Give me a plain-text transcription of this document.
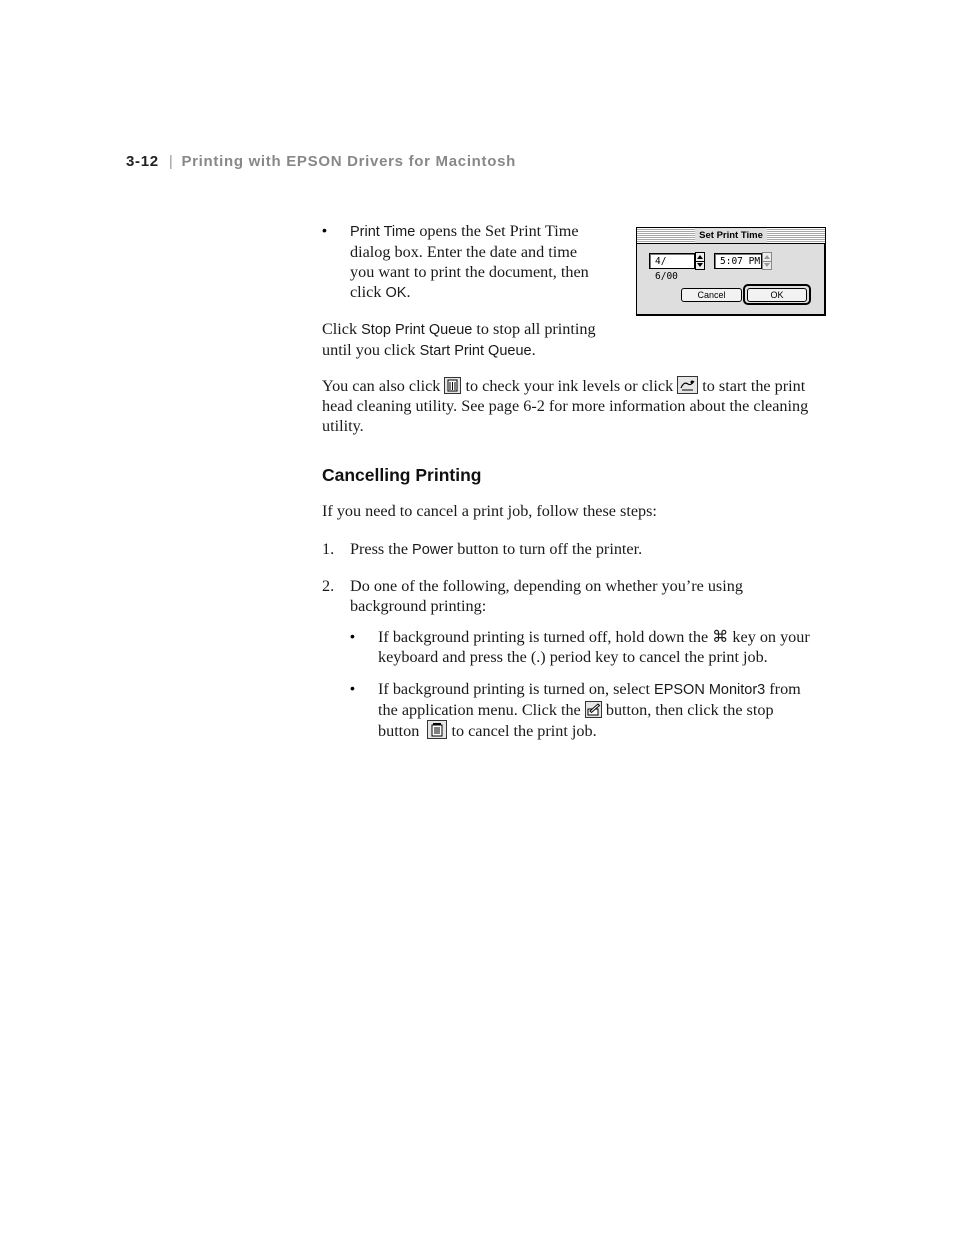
3-12 | Printing with EPSON Drivers for Macintosh
• Print Time opens the Set Print Time
dialog box. Enter the date and time
you want to print the document, then
click OK.
Set Print Time
4/ 6/00
5:07 PM
Cancel	OK
Click Stop Print Queue to stop all printing
until you click Start Print Queue.
You can also click
to check your ink levels or click
to start the print
head cleaning utility. See page 6-2 for more information about the cleaning
utility.
Cancelling Printing
If you need to cancel a print job, follow these steps:
1. Press the Power button to turn off the printer.
2. Do one of the following, depending on whether you’re using
background printing:
• If background printing is turned off, hold down the ⌘ key on your
keyboard and press the (.) period key to cancel the print job.
• If background printing is turned on, select EPSON Monitor3 from
the application menu. Click the
button, then click the stop
button
to cancel the print job.
